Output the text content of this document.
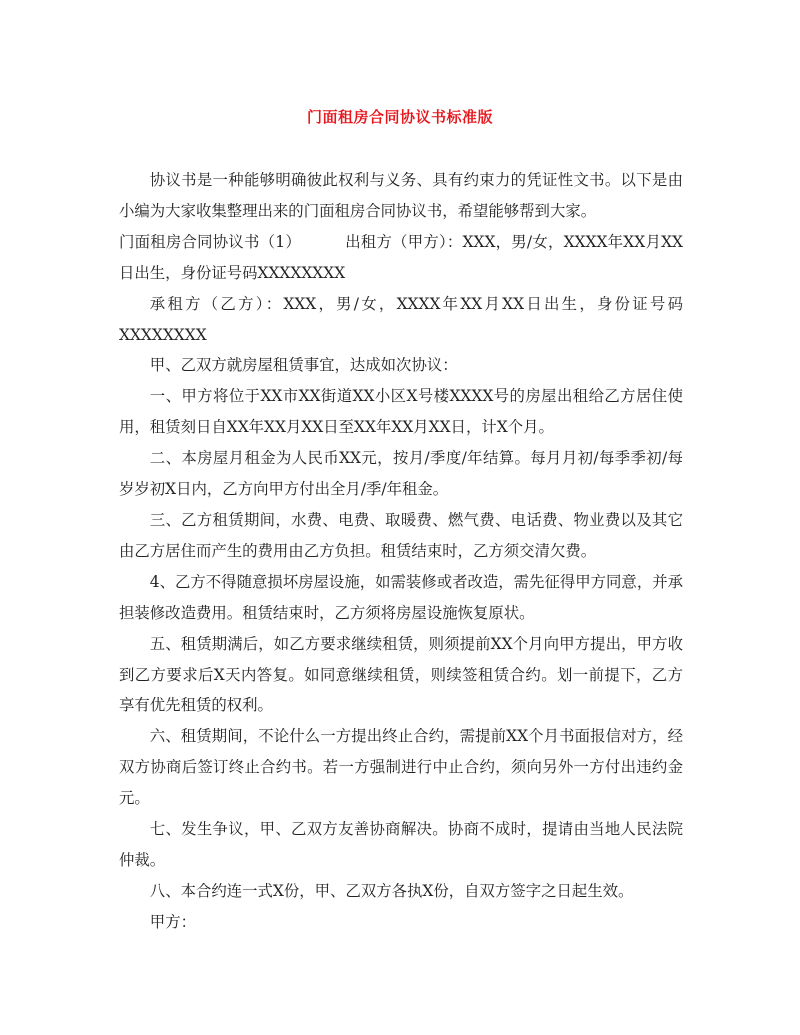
门面租房合同协议书标准版

协议书是一种能够明确彼此权利与义务、具有约束力的凭证性文书。以下是由小编为大家收集整理出来的门面租房合同协议书，希望能够帮到大家。

门面租房合同协议书（1）	出租方（甲方）：XXX，男/女，XXXX年XX月XX日出生，身份证号码XXXXXXXX

承租方（乙方）：XXX，男/女，XXXX年XX月XX日出生，身份证号码XXXXXXXX

甲、乙双方就房屋租赁事宜，达成如次协议：

一、甲方将位于XX市XX街道XX小区X号楼XXXX号的房屋出租给乙方居住使用，租赁刻日自XX年XX月XX日至XX年XX月XX日，计X个月。

二、本房屋月租金为人民币XX元，按月/季度/年结算。每月月初/每季季初/每岁岁初X日内，乙方向甲方付出全月/季/年租金。

三、乙方租赁期间，水费、电费、取暖费、燃气费、电话费、物业费以及其它由乙方居住而产生的费用由乙方负担。租赁结束时，乙方须交清欠费。

4、乙方不得随意损坏房屋设施，如需装修或者改造，需先征得甲方同意，并承担装修改造费用。租赁结束时，乙方须将房屋设施恢复原状。

五、租赁期满后，如乙方要求继续租赁，则须提前XX个月向甲方提出，甲方收到乙方要求后X天内答复。如同意继续租赁，则续签租赁合约。划一前提下，乙方享有优先租赁的权利。

六、租赁期间，不论什么一方提出终止合约，需提前XX个月书面报信对方，经双方协商后签订终止合约书。若一方强制进行中止合约，须向另外一方付出违约金 元。

七、发生争议，甲、乙双方友善协商解决。协商不成时，提请由当地人民法院仲裁。

八、本合约连一式X份，甲、乙双方各执X份，自双方签字之日起生效。

甲方：
